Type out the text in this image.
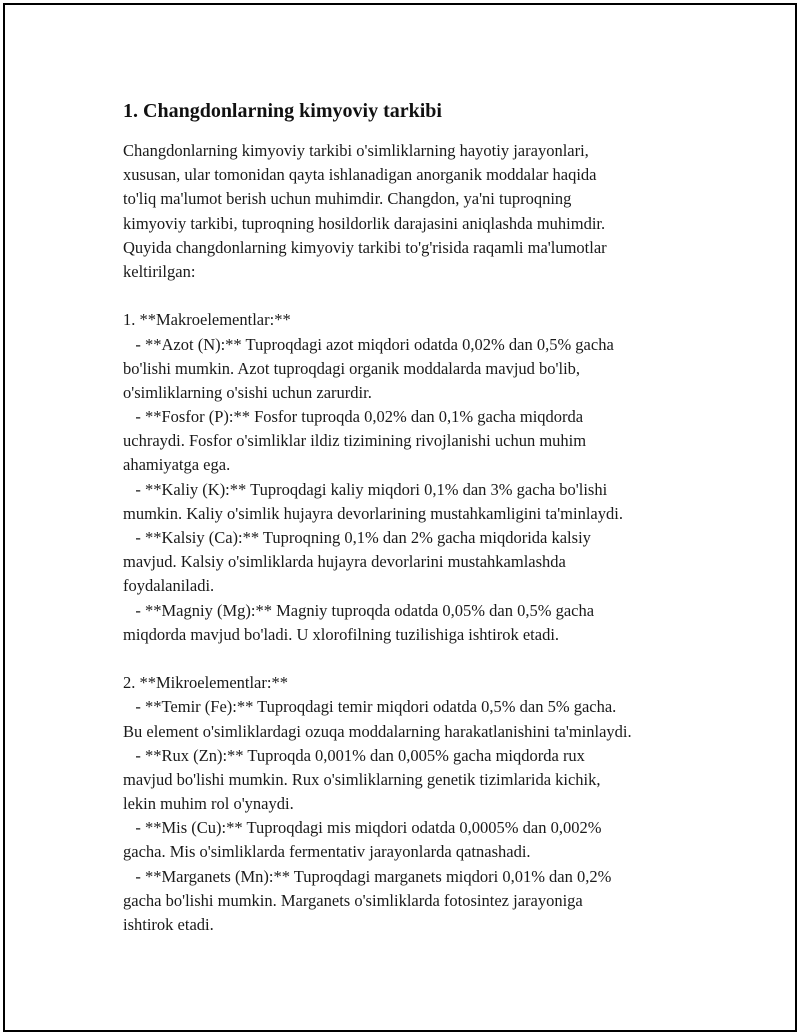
1. Changdonlarning kimyoviy tarkibi
Changdonlarning kimyoviy tarkibi o'simliklarning hayotiy jarayonlari,
xususan, ular tomonidan qayta ishlanadigan anorganik moddalar haqida
to'liq ma'lumot berish uchun muhimdir. Changdon, ya'ni tuproqning
kimyoviy tarkibi, tuproqning hosildorlik darajasini aniqlashda muhimdir.
Quyida changdonlarning kimyoviy tarkibi to'g'risida raqamli ma'lumotlar
keltirilgan:
1. **Makroelementlar:**
- **Azot (N):** Tuproqdagi azot miqdori odatda 0,02% dan 0,5% gacha
bo'lishi mumkin. Azot tuproqdagi organik moddalarda mavjud bo'lib,
o'simliklarning o'sishi uchun zarurdir.
- **Fosfor (P):** Fosfor tuproqda 0,02% dan 0,1% gacha miqdorda
uchraydi. Fosfor o'simliklar ildiz tizimining rivojlanishi uchun muhim
ahamiyatga ega.
- **Kaliy (K):** Tuproqdagi kaliy miqdori 0,1% dan 3% gacha bo'lishi
mumkin. Kaliy o'simlik hujayra devorlarining mustahkamligini ta'minlaydi.
- **Kalsiy (Ca):** Tuproqning 0,1% dan 2% gacha miqdorida kalsiy
mavjud. Kalsiy o'simliklarda hujayra devorlarini mustahkamlashda
foydalaniladi.
- **Magniy (Mg):** Magniy tuproqda odatda 0,05% dan 0,5% gacha
miqdorda mavjud bo'ladi. U xlorofilning tuzilishiga ishtirok etadi.
2. **Mikroelementlar:**
- **Temir (Fe):** Tuproqdagi temir miqdori odatda 0,5% dan 5% gacha.
Bu element o'simliklardagi ozuqa moddalarning harakatlanishini ta'minlaydi.
- **Rux (Zn):** Tuproqda 0,001% dan 0,005% gacha miqdorda rux
mavjud bo'lishi mumkin. Rux o'simliklarning genetik tizimlarida kichik,
lekin muhim rol o'ynaydi.
- **Mis (Cu):** Tuproqdagi mis miqdori odatda 0,0005% dan 0,002%
gacha. Mis o'simliklarda fermentativ jarayonlarda qatnashadi.
- **Marganets (Mn):** Tuproqdagi marganets miqdori 0,01% dan 0,2%
gacha bo'lishi mumkin. Marganets o'simliklarda fotosintez jarayoniga
ishtirok etadi.
